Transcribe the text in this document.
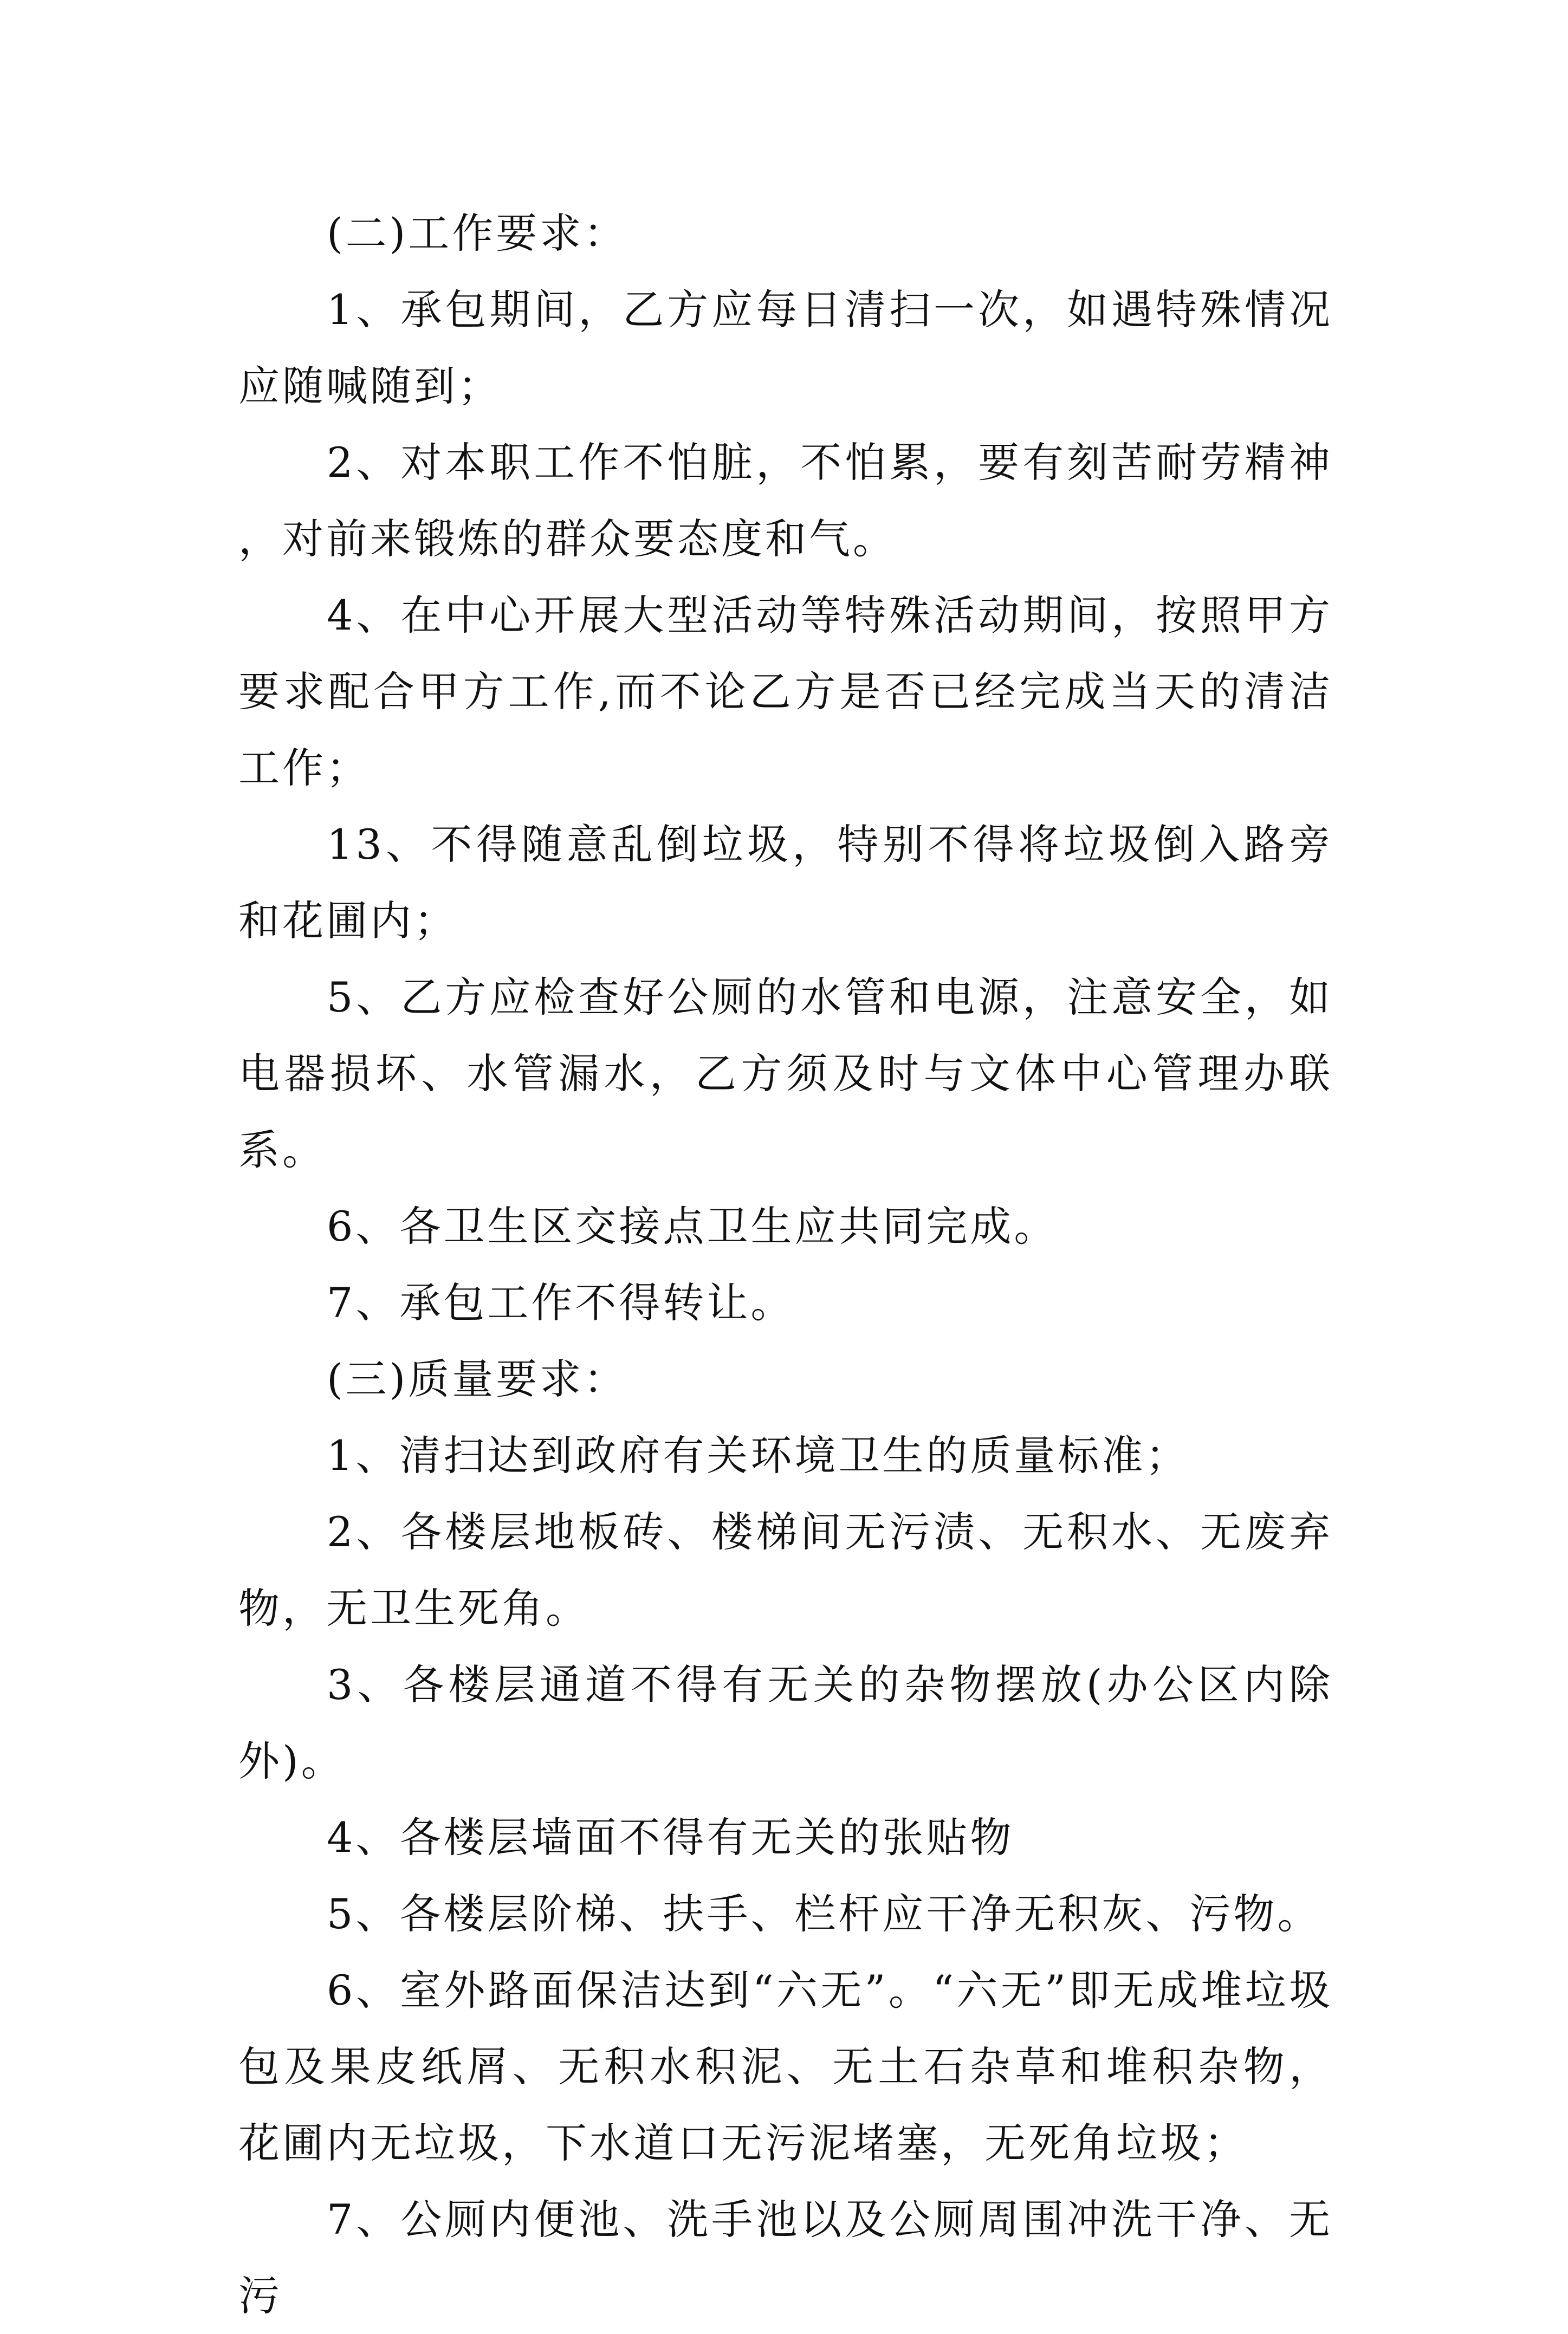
(二)工作要求：

1、承包期间，乙方应每日清扫一次，如遇特殊情况应随喊随到；

2、对本职工作不怕脏，不怕累，要有刻苦耐劳精神，对前来锻炼的群众要态度和气。

4、在中心开展大型活动等特殊活动期间，按照甲方要求配合甲方工作,而不论乙方是否已经完成当天的清洁工作；

13、不得随意乱倒垃圾，特别不得将垃圾倒入路旁和花圃内；

5、乙方应检查好公厕的水管和电源，注意安全，如电器损坏、水管漏水，乙方须及时与文体中心管理办联系。

6、各卫生区交接点卫生应共同完成。

7、承包工作不得转让。

(三)质量要求：

1、清扫达到政府有关环境卫生的质量标准；

2、各楼层地板砖、楼梯间无污渍、无积水、无废弃物，无卫生死角。

3、各楼层通道不得有无关的杂物摆放(办公区内除外)。

4、各楼层墙面不得有无关的张贴物

5、各楼层阶梯、扶手、栏杆应干净无积灰、污物。

6、室外路面保洁达到“六无”。“六无”即无成堆垃圾包及果皮纸屑、无积水积泥、无土石杂草和堆积杂物，花圃内无垃圾，下水道口无污泥堵塞，无死角垃圾；

7、公厕内便池、洗手池以及公厕周围冲洗干净、无污
